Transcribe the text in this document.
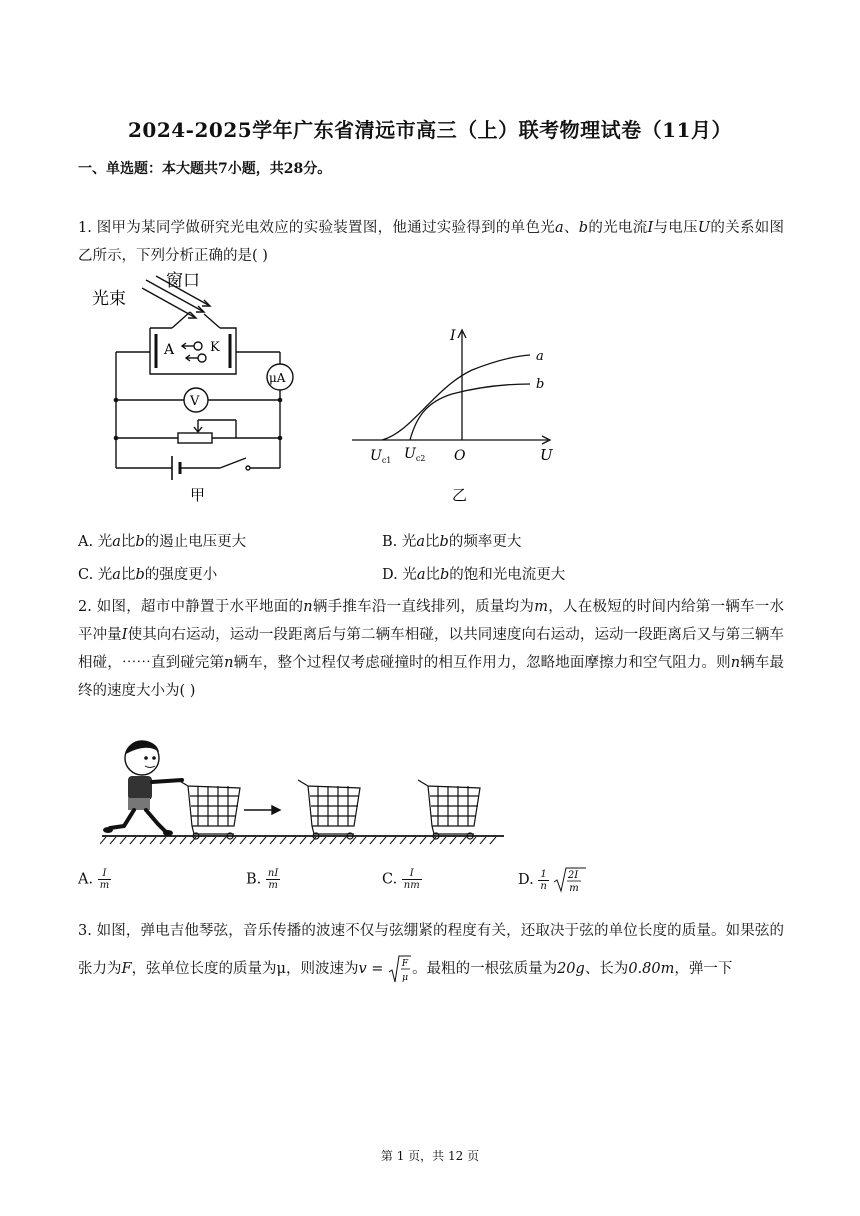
2024-2025学年广东省清远市高三（上）联考物理试卷（11月）
一、单选题：本大题共7小题，共28分。
1. 图甲为某同学做研究光电效应的实验装置图，他通过实验得到的单色光a、b的光电流I与电压U的关系如图乙所示，下列分析正确的是( )
光束
窗口
A	K
μA
V
甲
I
U
a
b
$U_{c1}$ $U_{c2}$ O
乙
A. 光a比b的遏止电压更大	B. 光a比b的频率更大
C. 光a比b的强度更小	D. 光a比b的饱和光电流更大
2. 如图，超市中静置于水平地面的n辆手推车沿一直线排列，质量均为m，人在极短的时间内给第一辆车一水平冲量I使其向右运动，运动一段距离后与第二辆车相碰，以共同速度向右运动，运动一段距离后又与第三辆车相碰，⋯⋯直到碰完第n辆车，整个过程仅考虑碰撞时的相互作用力，忽略地面摩擦力和空气阻力。则n辆车最终的速度大小为( )
A. $\frac{I}{m}$	B. $\frac{nI}{m}$	C. $\frac{I}{nm}$	D. $\frac{1}{n}$
2I
m
3. 如图，弹电吉他琴弦，音乐传播的波速不仅与弦绷紧的程度有关，还取决于弦的单位长度的质量。如果弦的张力为F，弦单位长度的质量为μ，则波速为v = F
μ
。最粗的一根弦质量为20g、长为0.80m，弹一下
第 1 页，共 12 页
